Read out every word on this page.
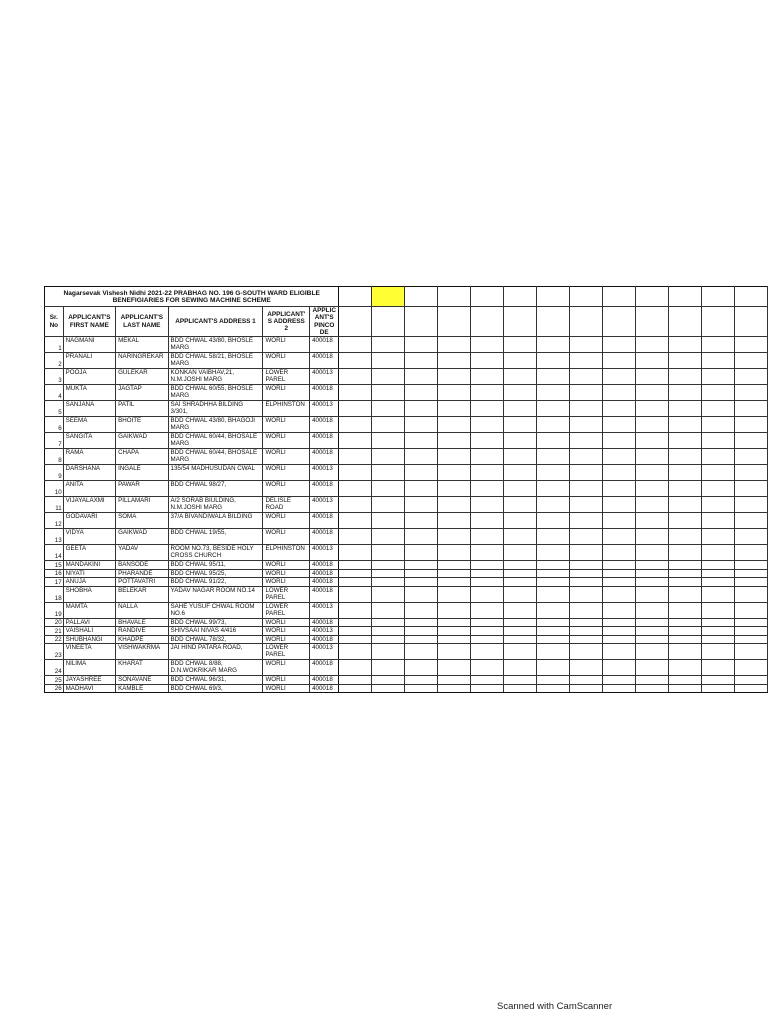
Nagarsevak Vishesh Nidhi 2021-22 PRABHAG NO. 196 G-SOUTH WARD ELIGIBLE
BENEFIGIARIES FOR SEWING MACHINE SCHEME																		

Sr. No	APPLICANT'S FIRST NAME	APPLICANT'S LAST NAME	APPLICANT'S ADDRESS 1	APPLICANT' S ADDRESS 2	APPLIC ANT'S PINCO DE													
1	NAGMANI	MEKAL	BDD CHWAL 43/80, BHOSLE MARG	WORLI	400018													
2	PRANALI	NARINGREKAR	BDD CHWAL 58/21, BHOSLE MARG	WORLI	400018													
3	POOJA	GULEKAR	KONKAN VAIBHAV,21, N.M.JOSHI MARG	LOWER PAREL	400013													
4	MUKTA	JAGTAP	BDD CHWAL 60/55, BHOSLE MARG	WORLI	400018													
5	SANJANA	PATIL	SAI SHRADHHA BILDING 3/301,	ELPHINSTON	400013													
6	SEEMA	BHOITE	BDD CHWAL 43/80, BHAGOJI MARG	WORLI	400018													
7	SANGITA	GAIKWAD	BDD CHWAL 60/44, BHOSALE MARG	WORLI	400018													
8	RAMA	CHAPA	BDD CHWAL 60/44, BHOSALE MARG	WORLI	400018													
9	DARSHANA	INGALE	135/54 MADHUSUDAN CWAL	WORLI	400013													
10	ANITA	PAWAR	BDD CHWAL 98/27,	WORLI	400018													
11	VIJAYALAXMI	PILLAMARI	A/2 SORAB BIULDING, N.M.JOSHI MARG	DELISLE ROAD	400013													
12	GODAVARI	SOMA	37/A BIVANDIWALA BILDING	WORLI	400018													
13	VIDYA	GAIKWAD	BDD CHWAL 19/55,	WORLI	400018													
14	GEETA	YADAV	ROOM NO.73, BESIDE HOLY CROSS CHURCH	ELPHINSTON	400013													
15	MANDAKINI	BANSODE	BDD CHWAL 95/11,	WORLI	400018													
16	NIYATI	PHARANDE	BDD CHWAL 95/25,	WORLI	400018													
17	ANUJA	POTTAVATRI	BDD CHWAL 91/22,	WORLI	400018													
18	SHOBHA	BELEKAR	YADAV NAGAR ROOM NO.14	LOWER PAREL	400018													
19	MAMTA	NALLA	SAHE YUSUF CHWAL ROOM NO.6	LOWER PAREL	400013													
20	PALLAVI	BHAVALE	BDD CHWAL 99/73,	WORLI	400018													
21	VAISHALI	RANDIVE	SHIVSAAI NIVAS 4/416	WORLI	400013													
22	SHUBHANGI	KHADPE	BDD CHWAL 78/32,	WORLI	400018													
23	VINEETA	VISHWAKRMA	JAI HIND PATARA ROAD,	LOWER PAREL	400013													
24	NILIMA	KHARAT	BDD CHWAL 8/88, D.N.WOKRIKAR MARG	WORLI	400018													
25	JAYASHREE	SONAVANE	BDD CHWAL 96/31,	WORLI	400018													
26	MADHAVI	KAMBLE	BDD CHWAL 69/3,	WORLI	400018													
Scanned with CamScanner
